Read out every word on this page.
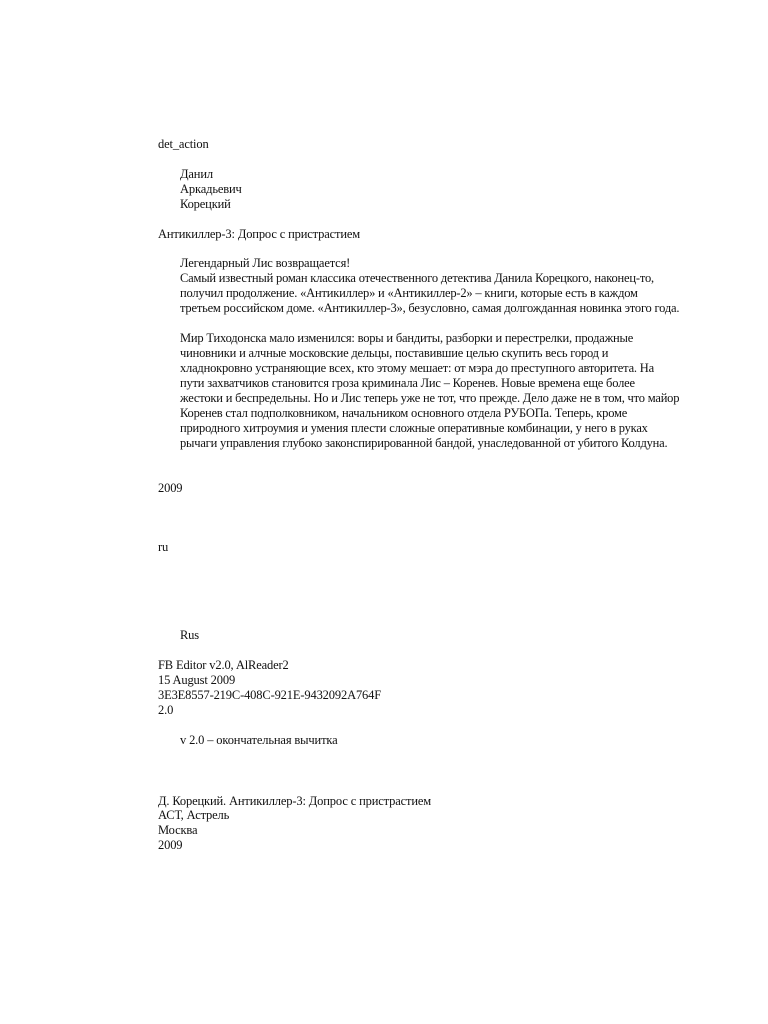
det_action
Данил
Аркадьевич
Корецкий
Антикиллер-3: Допрос с пристрастием
Легендарный Лис возвращается!
Самый известный роман классика отечественного детектива Данила Корецкого, наконец-то, получил продолжение. «Антикиллер» и «Антикиллер-2» – книги, которые есть в каждом третьем российском доме. «Антикиллер-3», безусловно, самая долгожданная новинка этого года.
Мир Тиходонска мало изменился: воры и бандиты, разборки и перестрелки, продажные чиновники и алчные московские дельцы, поставившие целью скупить весь город и хладнокровно устраняющие всех, кто этому мешает: от мэра до преступного авторитета. На пути захватчиков становится гроза криминала Лис – Коренев. Новые времена еще более жестоки и беспредельны. Но и Лис теперь уже не тот, что прежде. Дело даже не в том, что майор Коренев стал подполковником, начальником основного отдела РУБОПа. Теперь, кроме природного хитроумия и умения плести сложные оперативные комбинации, у него в руках рычаги управления глубоко законспирированной бандой, унаследованной от убитого Колдуна.
2009
ru
Rus
FB Editor v2.0, AlReader2
15 August 2009
3E3E8557-219C-408C-921E-9432092A764F
2.0
v 2.0 – окончательная вычитка
Д. Корецкий. Антикиллер-3: Допрос с пристрастием
АСТ, Астрель
Москва
2009
